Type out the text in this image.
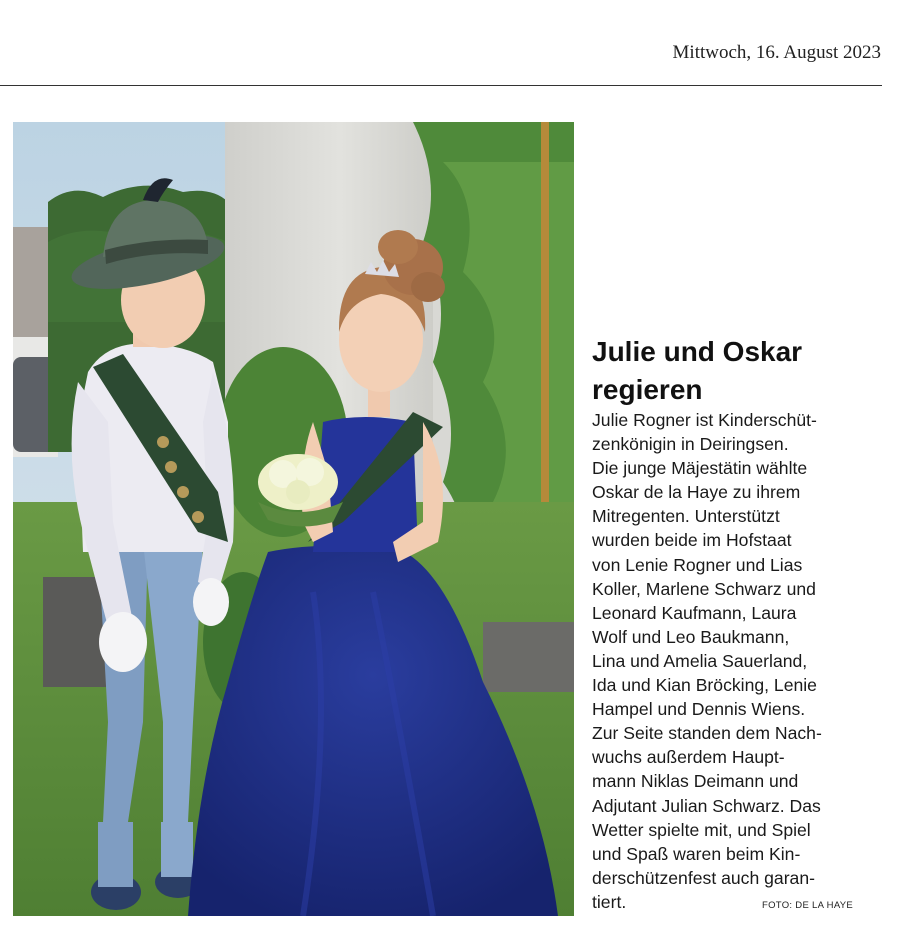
Mittwoch, 16. August 2023
Julie und Oskar
regieren
Julie Rogner ist Kinderschüt-
zenkönigin in Deiringsen.
Die junge Mäjestätin wählte
Oskar de la Haye zu ihrem
Mitregenten. Unterstützt
wurden beide im Hofstaat
von Lenie Rogner und Lias
Koller, Marlene Schwarz und
Leonard Kaufmann, Laura
Wolf und Leo Baukmann,
Lina und Amelia Sauerland,
Ida und Kian Bröcking, Lenie
Hampel und Dennis Wiens.
Zur Seite standen dem Nach-
wuchs außerdem Haupt-
mann Niklas Deimann und
Adjutant Julian Schwarz. Das
Wetter spielte mit, und Spiel
und Spaß waren beim Kin-
derschützenfest auch garan-
tiert.	FOTO: DE LA HAYE
